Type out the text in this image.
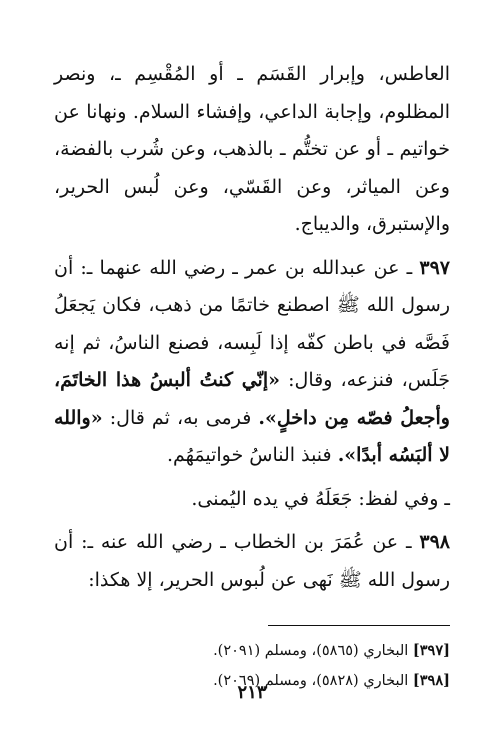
العاطس، وإبرار القَسَم ـ أو المُقْسِم ـ، ونصر المظلوم، وإجابة الداعي، وإفشاء السلام. ونهانا عن خواتيم ـ أو عن تختُّم ـ بالذهب، وعن شُرب بالفضة، وعن المياثر، وعن القَسّي، وعن لُبس الحرير، والإستبرق، والديباج.

٣٩٧ ـ عن عبدالله بن عمر ـ رضي الله عنهما ـ: أن رسول الله ﷺ اصطنع خاتمًا من ذهب، فكان يَجعَلُ فَصَّه في باطن كفّه إذا لَبِسه، فصنع الناسُ، ثم إنه جَلَس، فنزعه، وقال: «إنّي كنتُ ألبسُ هذا الخاتَمَ، وأجعلُ فصّه مِن داخلٍ». فرمى به، ثم قال: «والله لا ألبَسُه أبدًا». فنبذ الناسُ خواتيمَهُم.

ـ وفي لفظ: جَعَلَهُ في يده اليُمنى.

٣٩٨ ـ عن عُمَرَ بن الخطاب ـ رضي الله عنه ـ: أن رسول الله ﷺ نَهى عن لُبوس الحرير، إلا هكذا:

[٣٩٧] البخاري (٥٨٦٥)، ومسلم (٢٠٩١).

[٣٩٨] البخاري (٥٨٢٨)، ومسلم (٢٠٦٩).

٢١٣
